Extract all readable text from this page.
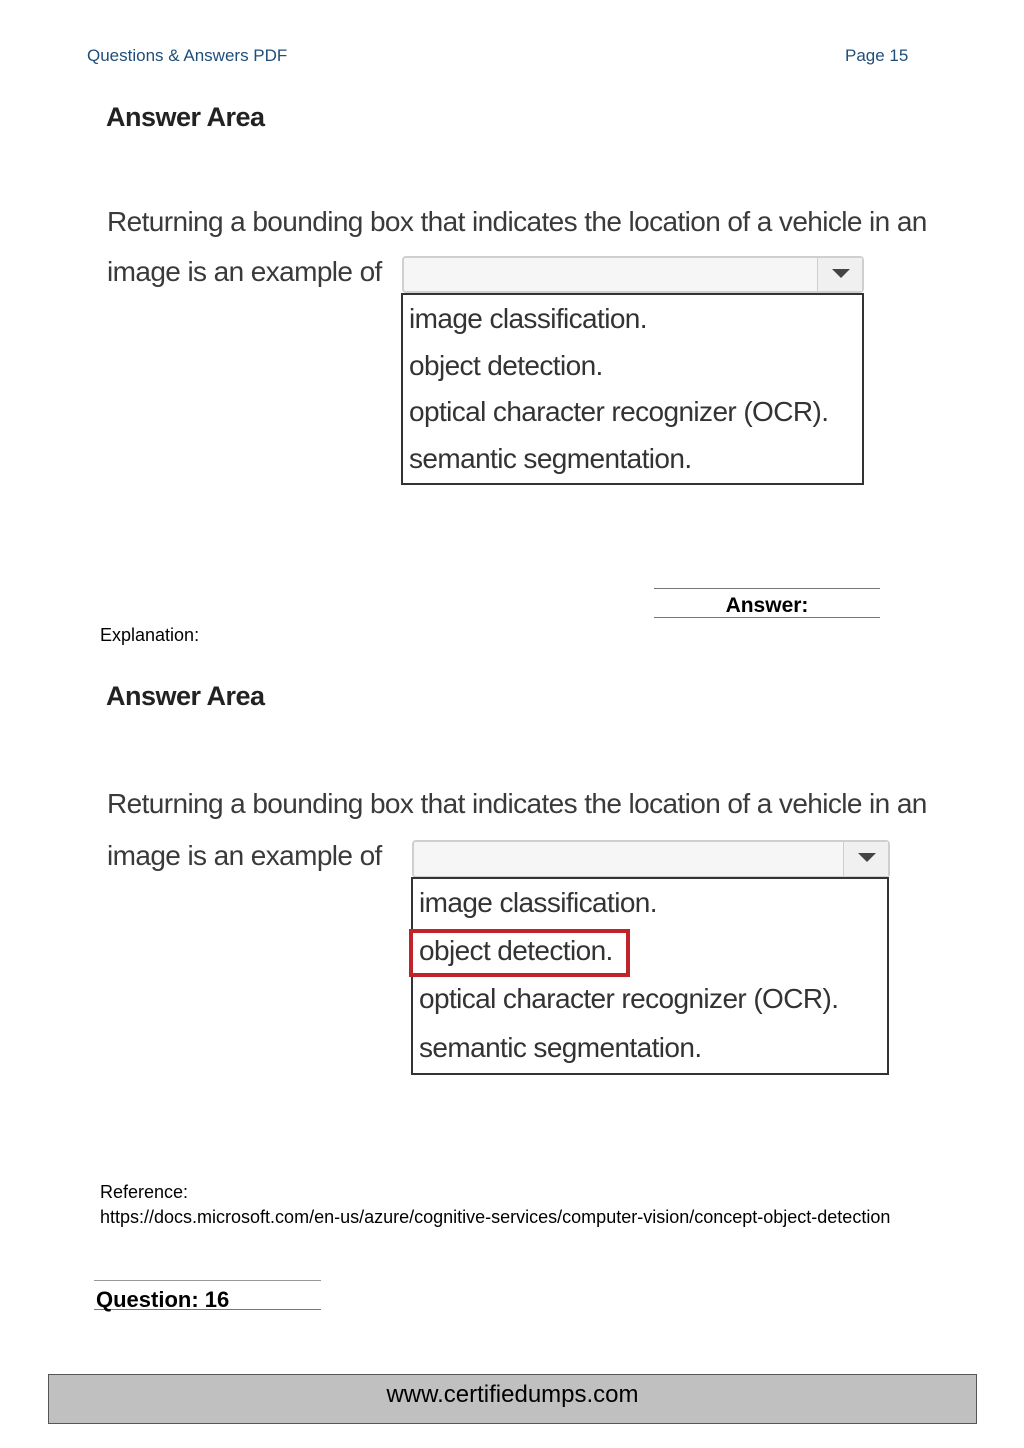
Questions & Answers PDF	Page 15
Answer Area
Returning a bounding box that indicates the location of a vehicle in an
image is an example of
image classification.
object detection.
optical character recognizer (OCR).
semantic segmentation.
Answer:
Explanation:
Answer Area
Returning a bounding box that indicates the location of a vehicle in an
image is an example of
image classification.
object detection.
optical character recognizer (OCR).
semantic segmentation.
Reference:
https://docs.microsoft.com/en-us/azure/cognitive-services/computer-vision/concept-object-detection
Question: 16
www.certifiedumps.com
